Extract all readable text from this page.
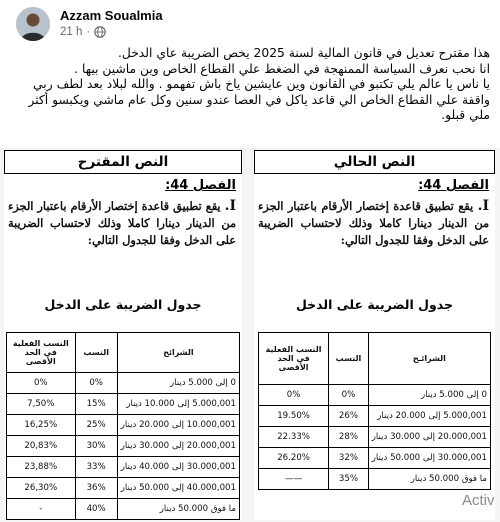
Azzam Soualmia
21 h ·

هذا مقترح تعديل في قانون المالية لسنة 2025 يخص الضريبة عاي الدخل.

انا نحب نعرف السياسة الممنهجة في الضغط علي القطاع الخاص وين ماشين بيها .

يا ناس يا عالم يلي تكتبو في القانون وين عايشين ياخ باش تفهمو . والله لبلاد بعد لطف ربي

واقفة علي القطاع الخاص الي قاعد ياكل في العصا عندو سنين وكل عام ماشي ويكبسو أكثر

ملي قبلو.

النص المقترح
الفصل 44:
I. يقع تطبيق قاعدة إختصار الأرقام باعتبار الجزء من الدينار دينارا كاملا وذلك لاحتساب الضريبة على الدخل وفقا للجدول التالي:
جدول الضريبة على الدخل
الشرائح	النسب	النسب الفعلية في الحد الأقصى
0 إلى 5.000 دينار	0%	0%
5.000,001 إلى 10.000 دينار	15%	7,50%
10.000,001 إلى 20.000 دينار	25%	16,25%
20.000,001 إلى 30.000 دينار	30%	20,83%
30.000,001 إلى 40.000 دينار	33%	23,88%
40.000,001 إلى 50.000 دينار	36%	26,30%
ما فوق 50.000 دينار	40%	-
النص الحالي
الفصل 44:
I. يقع تطبيق قاعدة إختصار الأرقام باعتبار الجزء من الدينار دينارا كاملا وذلك لاحتساب الضريبة على الدخل وفقا للجدول التالي:
جدول الضريبة على الدخل
الشرائـح	النسب	النسب الفعلية في الحد الأقصى
0 إلى 5.000 دينار	0%	0%
5.000,001 إلى 20.000 دينار	26%	19.50%
20.000,001 إلى 30.000 دينار	28%	22.33%
30.000,001 إلى 50.000 دينار	32%	26.20%
ما فوق 50.000 دينار	35%	——
Activ
